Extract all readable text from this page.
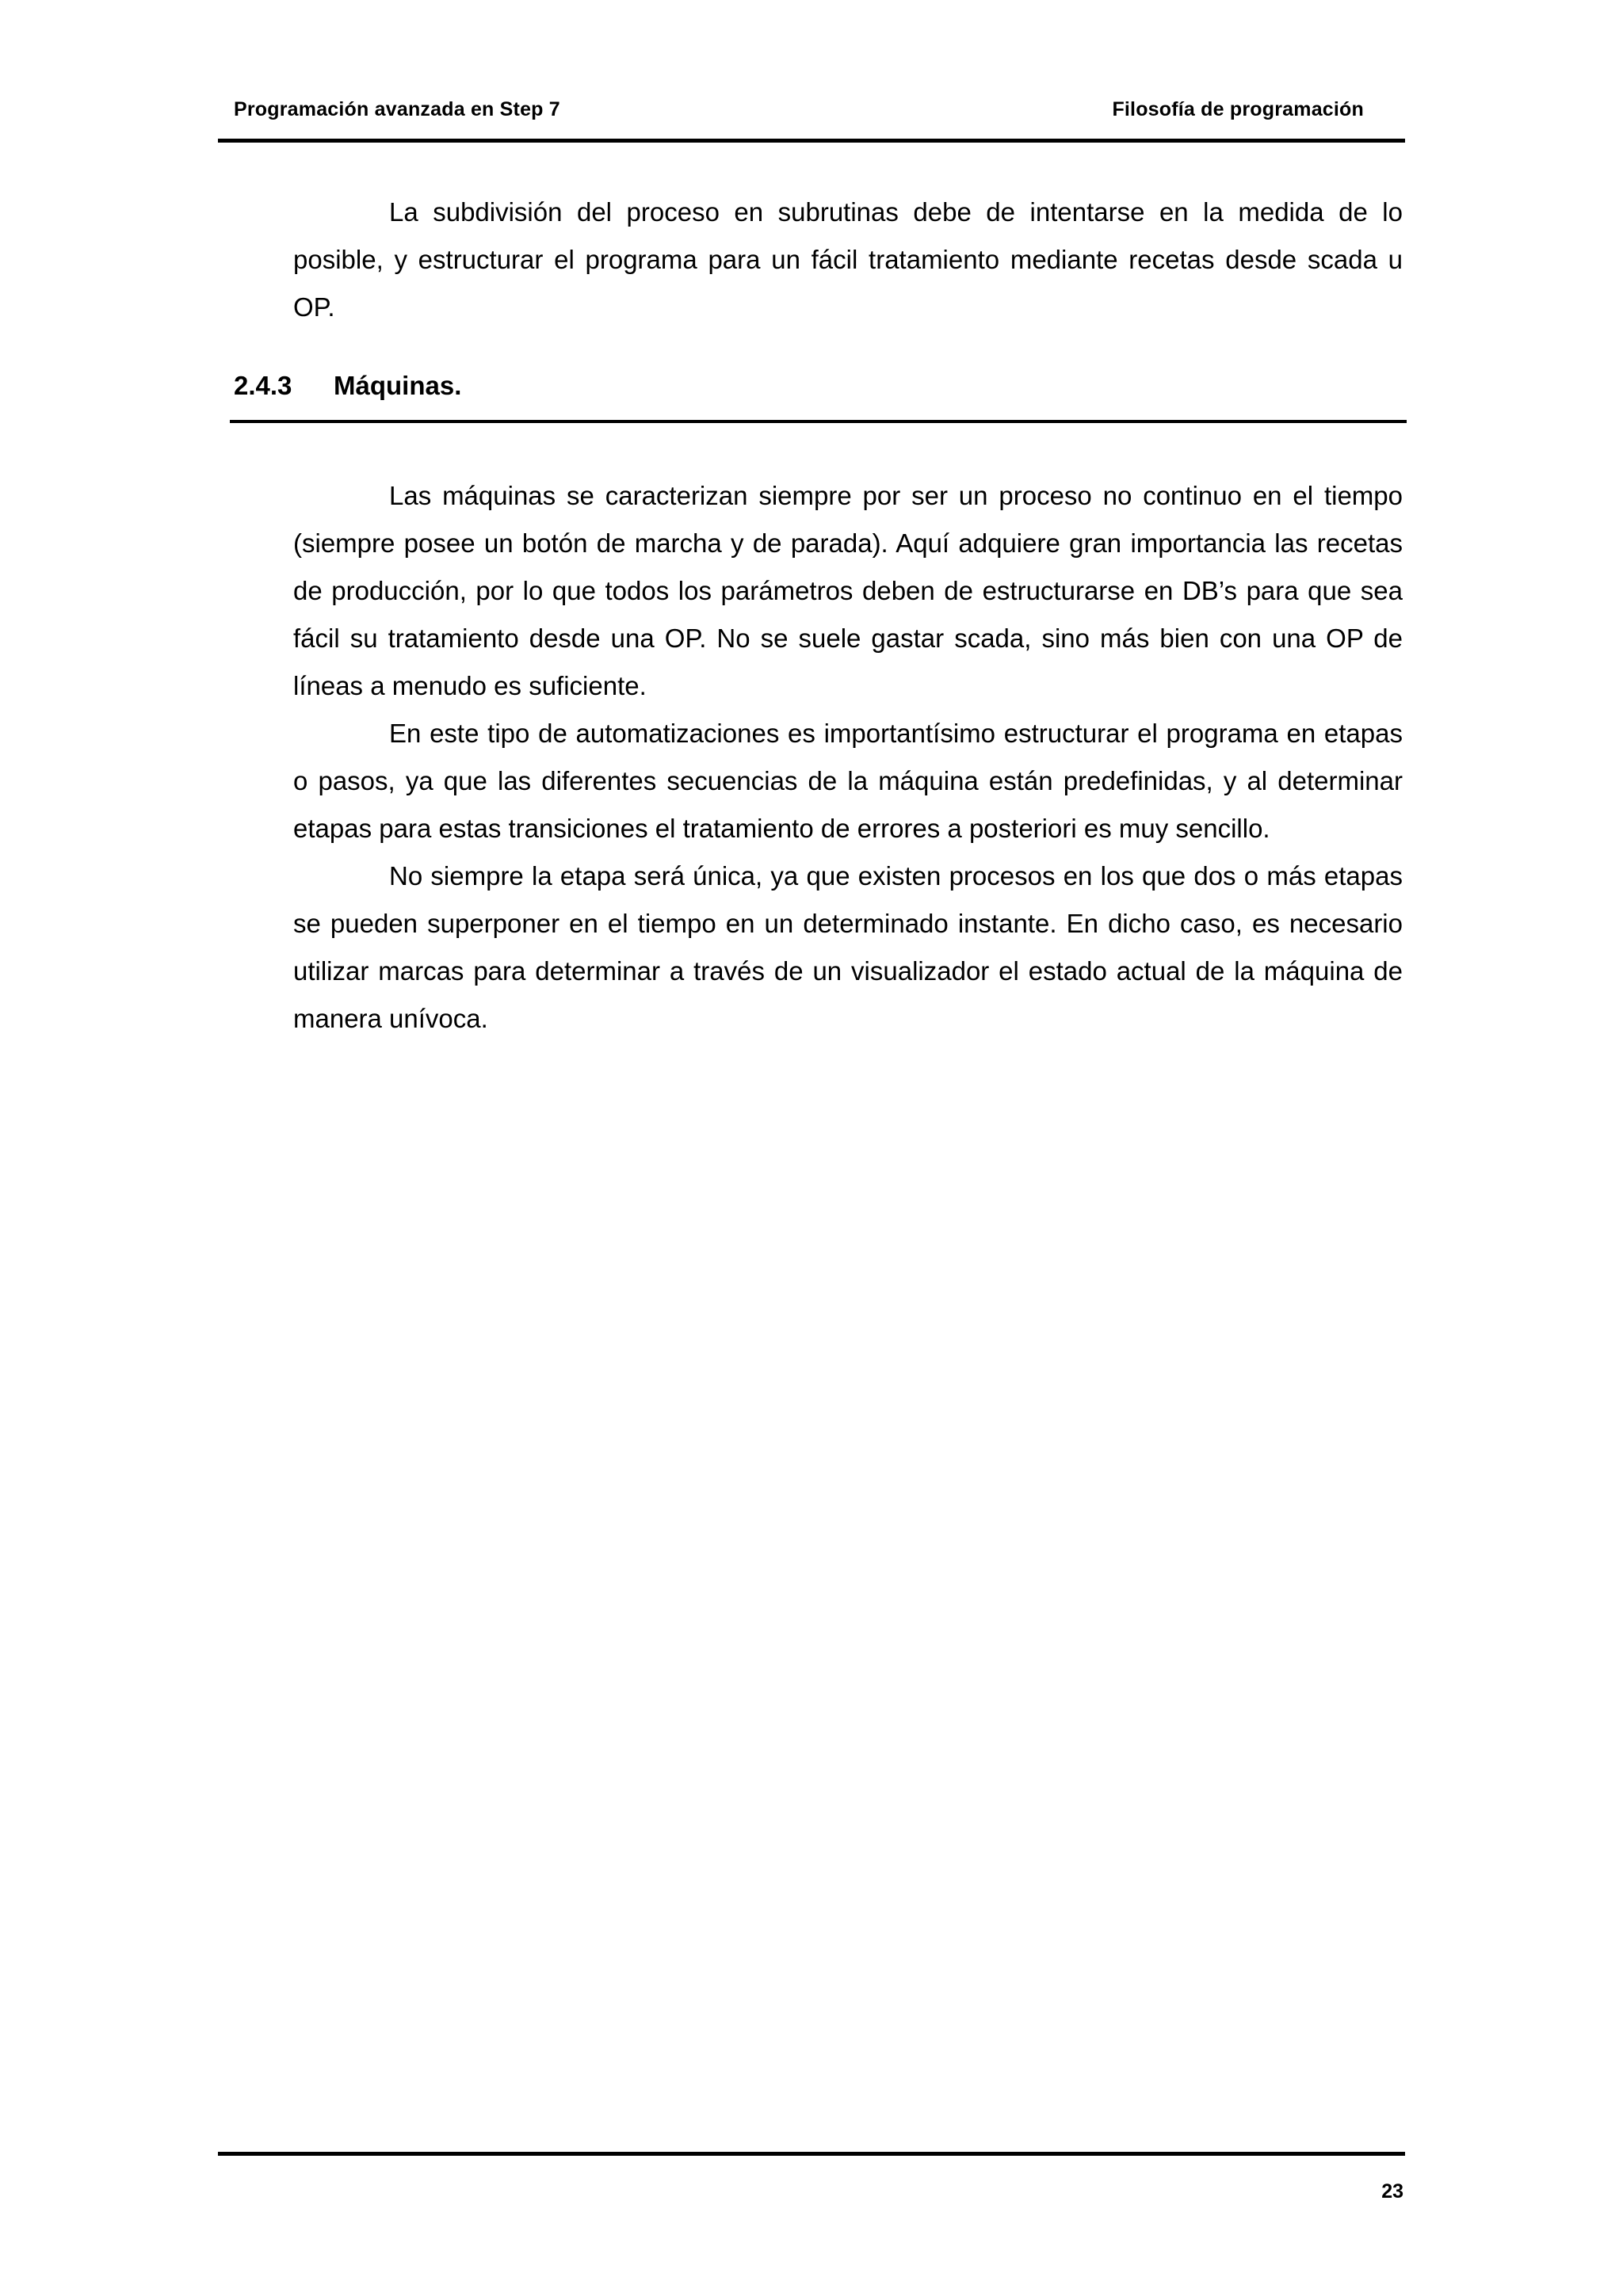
Programación avanzada en Step 7	Filosofía de programación

La subdivisión del proceso en subrutinas debe de intentarse en la medida de lo posible, y estructurar el programa para un fácil tratamiento mediante recetas desde scada u OP.

2.4.3 Máquinas.

Las máquinas se caracterizan siempre por ser un proceso no continuo en el tiempo (siempre posee un botón de marcha y de parada). Aquí adquiere gran importancia las recetas de producción, por lo que todos los parámetros deben de estructurarse en DB’s para que sea fácil su tratamiento desde una OP. No se suele gastar scada, sino más bien con una OP de líneas a menudo es suficiente.

En este tipo de automatizaciones es importantísimo estructurar el programa en etapas o pasos, ya que las diferentes secuencias de la máquina están predefinidas, y al determinar etapas para estas transiciones el tratamiento de errores a posteriori es muy sencillo.

No siempre la etapa será única, ya que existen procesos en los que dos o más etapas se pueden superponer en el tiempo en un determinado instante. En dicho caso, es necesario utilizar marcas para determinar a través de un visualizador el estado actual de la máquina de manera unívoca.

23
